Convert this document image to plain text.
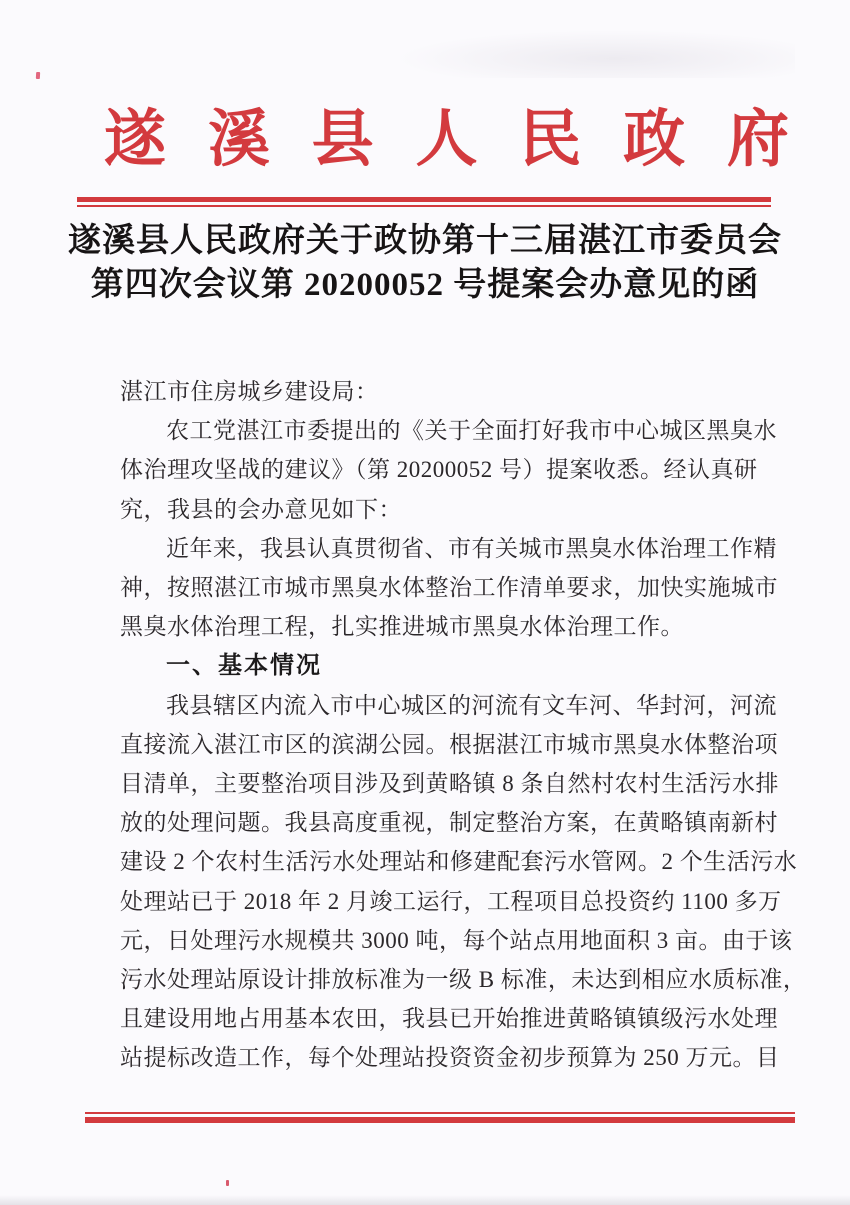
遂 溪 县 人 民 政 府
遂溪县人民政府关于政协第十三届湛江市委员会
第四次会议第 20200052 号提案会办意见的函
湛江市住房城乡建设局：
农工党湛江市委提出的《关于全面打好我市中心城区黑臭水
体治理攻坚战的建议》（第 20200052 号）提案收悉。经认真研
究，我县的会办意见如下：
近年来，我县认真贯彻省、市有关城市黑臭水体治理工作精
神，按照湛江市城市黑臭水体整治工作清单要求，加快实施城市
黑臭水体治理工程，扎实推进城市黑臭水体治理工作。
一、基本情况
我县辖区内流入市中心城区的河流有文车河、华封河，河流
直接流入湛江市区的滨湖公园。根据湛江市城市黑臭水体整治项
目清单，主要整治项目涉及到黄略镇 8 条自然村农村生活污水排
放的处理问题。我县高度重视，制定整治方案，在黄略镇南新村
建设 2 个农村生活污水处理站和修建配套污水管网。2 个生活污水
处理站已于 2018 年 2 月竣工运行，工程项目总投资约 1100 多万
元，日处理污水规模共 3000 吨，每个站点用地面积 3 亩。由于该
污水处理站原设计排放标准为一级 B 标准，未达到相应水质标准，
且建设用地占用基本农田，我县已开始推进黄略镇镇级污水处理
站提标改造工作，每个处理站投资资金初步预算为 250 万元。目
